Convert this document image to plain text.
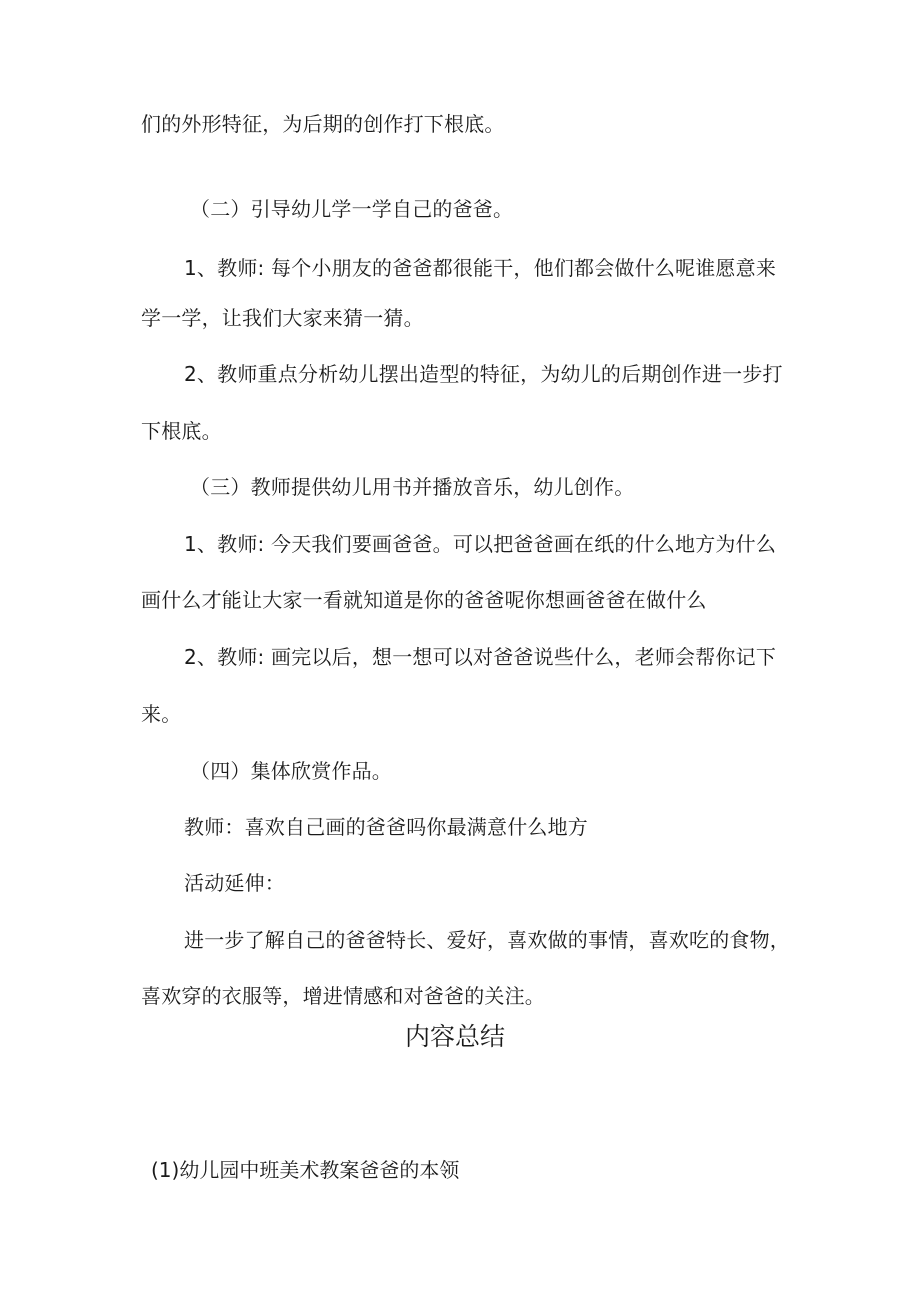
们的外形特征，为后期的创作打下根底。
（二）引导幼儿学一学自己的爸爸。
1、教师: 每个小朋友的爸爸都很能干，他们都会做什么呢谁愿意来
学一学，让我们大家来猜一猜。
2、教师重点分析幼儿摆出造型的特征，为幼儿的后期创作进一步打
下根底。
（三）教师提供幼儿用书并播放音乐，幼儿创作。
1、教师: 今天我们要画爸爸。可以把爸爸画在纸的什么地方为什么
画什么才能让大家一看就知道是你的爸爸呢你想画爸爸在做什么
2、教师: 画完以后，想一想可以对爸爸说些什么，老师会帮你记下
来。
（四）集体欣赏作品。
教师：喜欢自己画的爸爸吗你最满意什么地方
活动延伸：
进一步了解自己的爸爸特长、爱好，喜欢做的事情，喜欢吃的食物，
喜欢穿的衣服等，增进情感和对爸爸的关注。
内容总结
(1)幼儿园中班美术教案爸爸的本领
